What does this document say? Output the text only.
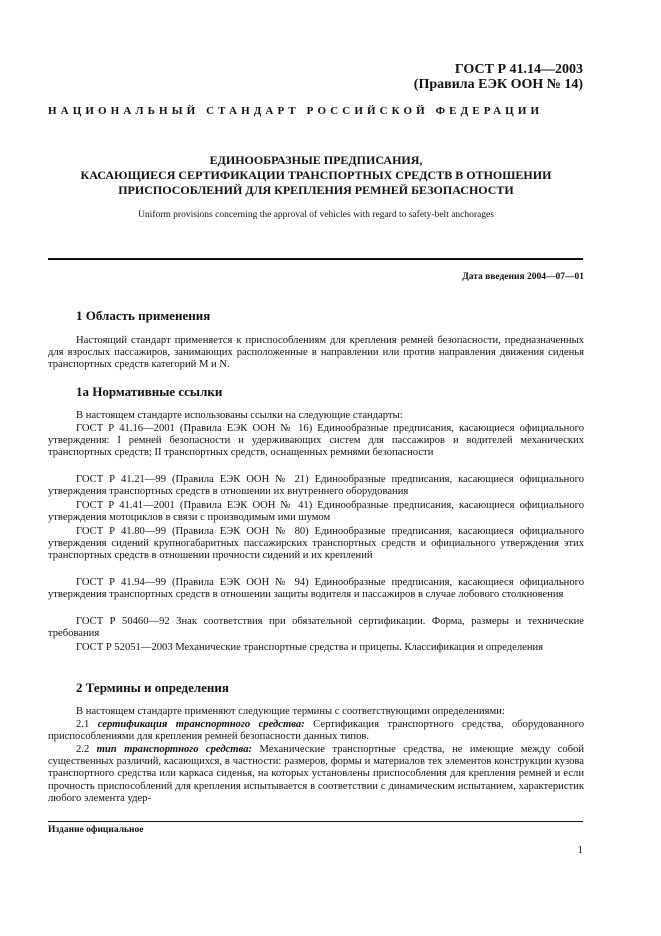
ГОСТ Р 41.14—2003
(Правила ЕЭК ООН № 14)
НАЦИОНАЛЬНЫЙ СТАНДАРТ РОССИЙСКОЙ ФЕДЕРАЦИИ
ЕДИНООБРАЗНЫЕ ПРЕДПИСАНИЯ,
КАСАЮЩИЕСЯ СЕРТИФИКАЦИИ ТРАНСПОРТНЫХ СРЕДСТВ В ОТНОШЕНИИ
ПРИСПОСОБЛЕНИЙ ДЛЯ КРЕПЛЕНИЯ РЕМНЕЙ БЕЗОПАСНОСТИ
Uniform provisions concerning the approval of vehicles with regard to safety-belt anchorages
Дата введения 2004—07—01
1 Область применения

Настоящий стандарт применяется к приспособлениям для крепления ремней безопасности, предназначенных для взрослых пассажиров, занимающих расположенные в направлении или против направления движения сиденья транспортных средств категорий M и N.

1а Нормативные ссылки

В настоящем стандарте использованы ссылки на следующие стандарты:

ГОСТ Р 41.16—2001 (Правила ЕЭК ООН № 16) Единообразные предписания, касающиеся официального утверждения: I ремней безопасности и удерживающих систем для пассажиров и водителей механических транспортных средств; II транспортных средств, оснащенных ремнями безопасности

ГОСТ Р 41.21—99 (Правила ЕЭК ООН № 21) Единообразные предписания, касающиеся официального утверждения транспортных средств в отношении их внутреннего оборудования

ГОСТ Р 41.41—2001 (Правила ЕЭК ООН № 41) Единообразные предписания, касающиеся официального утверждения мотоциклов в связи с производимым ими шумом

ГОСТ Р 41.80—99 (Правила ЕЭК ООН № 80) Единообразные предписания, касающиеся официального утверждения сидений крупногабаритных пассажирских транспортных средств и официального утверждения этих транспортных средств в отношении прочности сидений и их креплений

ГОСТ Р 41.94—99 (Правила ЕЭК ООН № 94) Единообразные предписания, касающиеся официального утверждения транспортных средств в отношении защиты водителя и пассажиров в случае лобового столкновения

ГОСТ Р 50460—92 Знак соответствия при обязательной сертификации. Форма, размеры и технические требования

ГОСТ Р 52051—2003 Механические транспортные средства и прицепы. Классификация и определения

2 Термины и определения

В настоящем стандарте применяют следующие термины с соответствующими определениями:

2.1 сертификация транспортного средства: Сертификация транспортного средства, оборудованного приспособлениями для крепления ремней безопасности данных типов.

2.2 тип транспортного средства: Механические транспортные средства, не имеющие между собой существенных различий, касающихся, в частности: размеров, формы и материалов тех элементов конструкции кузова транспортного средства или каркаса сиденья, на которых установлены приспособления для крепления ремней и если прочность приспособлений для крепления испытывается в соответствии с динамическим испытанием, характеристик любого элемента удер-

Издание официальное
1
